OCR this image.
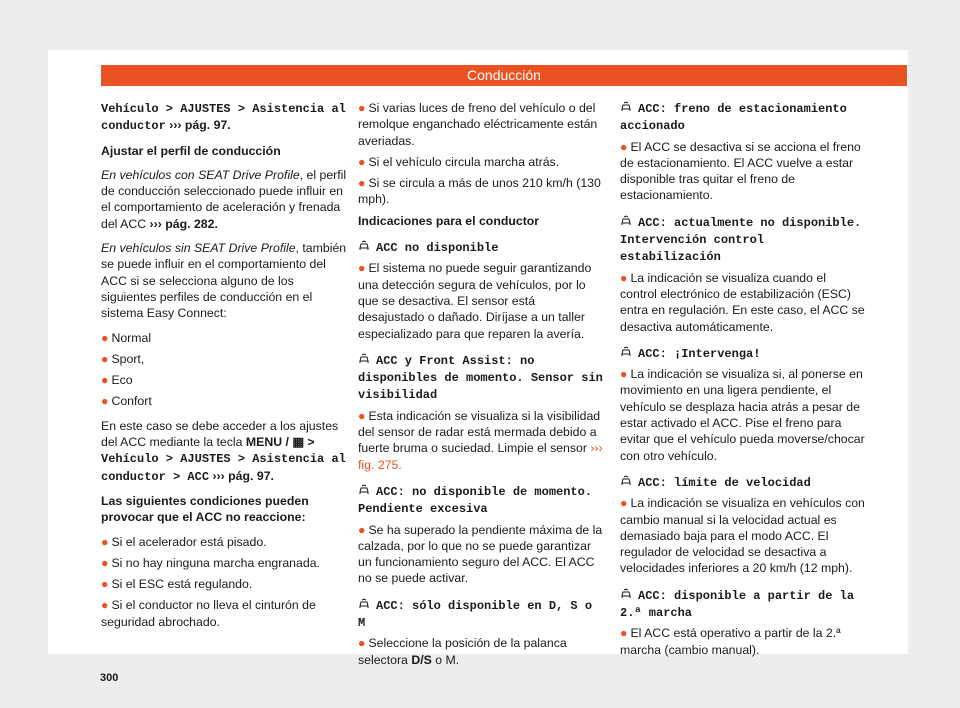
Conducción

Vehículo > AJUSTES > Asistencia al conductor ››› pág. 97.

Ajustar el perfil de conducción

En vehículos con SEAT Drive Profile, el perfil de conducción seleccionado puede influir en el comportamiento de aceleración y frenada del ACC ››› pág. 282.

En vehículos sin SEAT Drive Profile, también se puede influir en el comportamiento del ACC si se selecciona alguno de los siguientes perfiles de conducción en el sistema Easy Connect:

● Normal
● Sport,
● Eco
● Confort

En este caso se debe acceder a los ajustes del ACC mediante la tecla MENU / ▦ > Vehículo > AJUSTES > Asistencia al conductor > ACC ››› pág. 97.

Las siguientes condiciones pueden provocar que el ACC no reaccione:

● Si el acelerador está pisado.
● Si no hay ninguna marcha engranada.
● Si el ESC está regulando.
● Si el conductor no lleva el cinturón de seguridad abrochado.
● Si varias luces de freno del vehículo o del remolque enganchado eléctricamente están averiadas.
● Si el vehículo circula marcha atrás.
● Si se circula a más de unos 210 km/h (130 mph).

Indicaciones para el conductor

ACC no disponible
● El sistema no puede seguir garantizando una detección segura de vehículos, por lo que se desactiva. El sensor está desajustado o dañado. Diríjase a un taller especializado para que reparen la avería.
ACC y Front Assist: no disponibles de momento. Sensor sin visibilidad
● Esta indicación se visualiza si la visibilidad del sensor de radar está mermada debido a fuerte bruma o suciedad. Limpie el sensor ››› fig. 275.
ACC: no disponible de momento. Pendiente excesiva
● Se ha superado la pendiente máxima de la calzada, por lo que no se puede garantizar un funcionamiento seguro del ACC. El ACC no se puede activar.
ACC: sólo disponible en D, S o M
● Seleccione la posición de la palanca selectora D/S o M.
ACC: freno de estacionamiento accionado
● El ACC se desactiva si se acciona el freno de estacionamiento. El ACC vuelve a estar disponible tras quitar el freno de estacionamiento.
ACC: actualmente no disponible. Intervención control estabilización
● La indicación se visualiza cuando el control electrónico de estabilización (ESC) entra en regulación. En este caso, el ACC se desactiva automáticamente.
ACC: ¡Intervenga!
● La indicación se visualiza si, al ponerse en movimiento en una ligera pendiente, el vehículo se desplaza hacia atrás a pesar de estar activado el ACC. Pise el freno para evitar que el vehículo pueda moverse/chocar con otro vehículo.
ACC: límite de velocidad
● La indicación se visualiza en vehículos con cambio manual si la velocidad actual es demasiado baja para el modo ACC. El regulador de velocidad se desactiva a velocidades inferiores a 20 km/h (12 mph).
ACC: disponible a partir de la 2.ª marcha
● El ACC está operativo a partir de la 2.ª marcha (cambio manual).
300
